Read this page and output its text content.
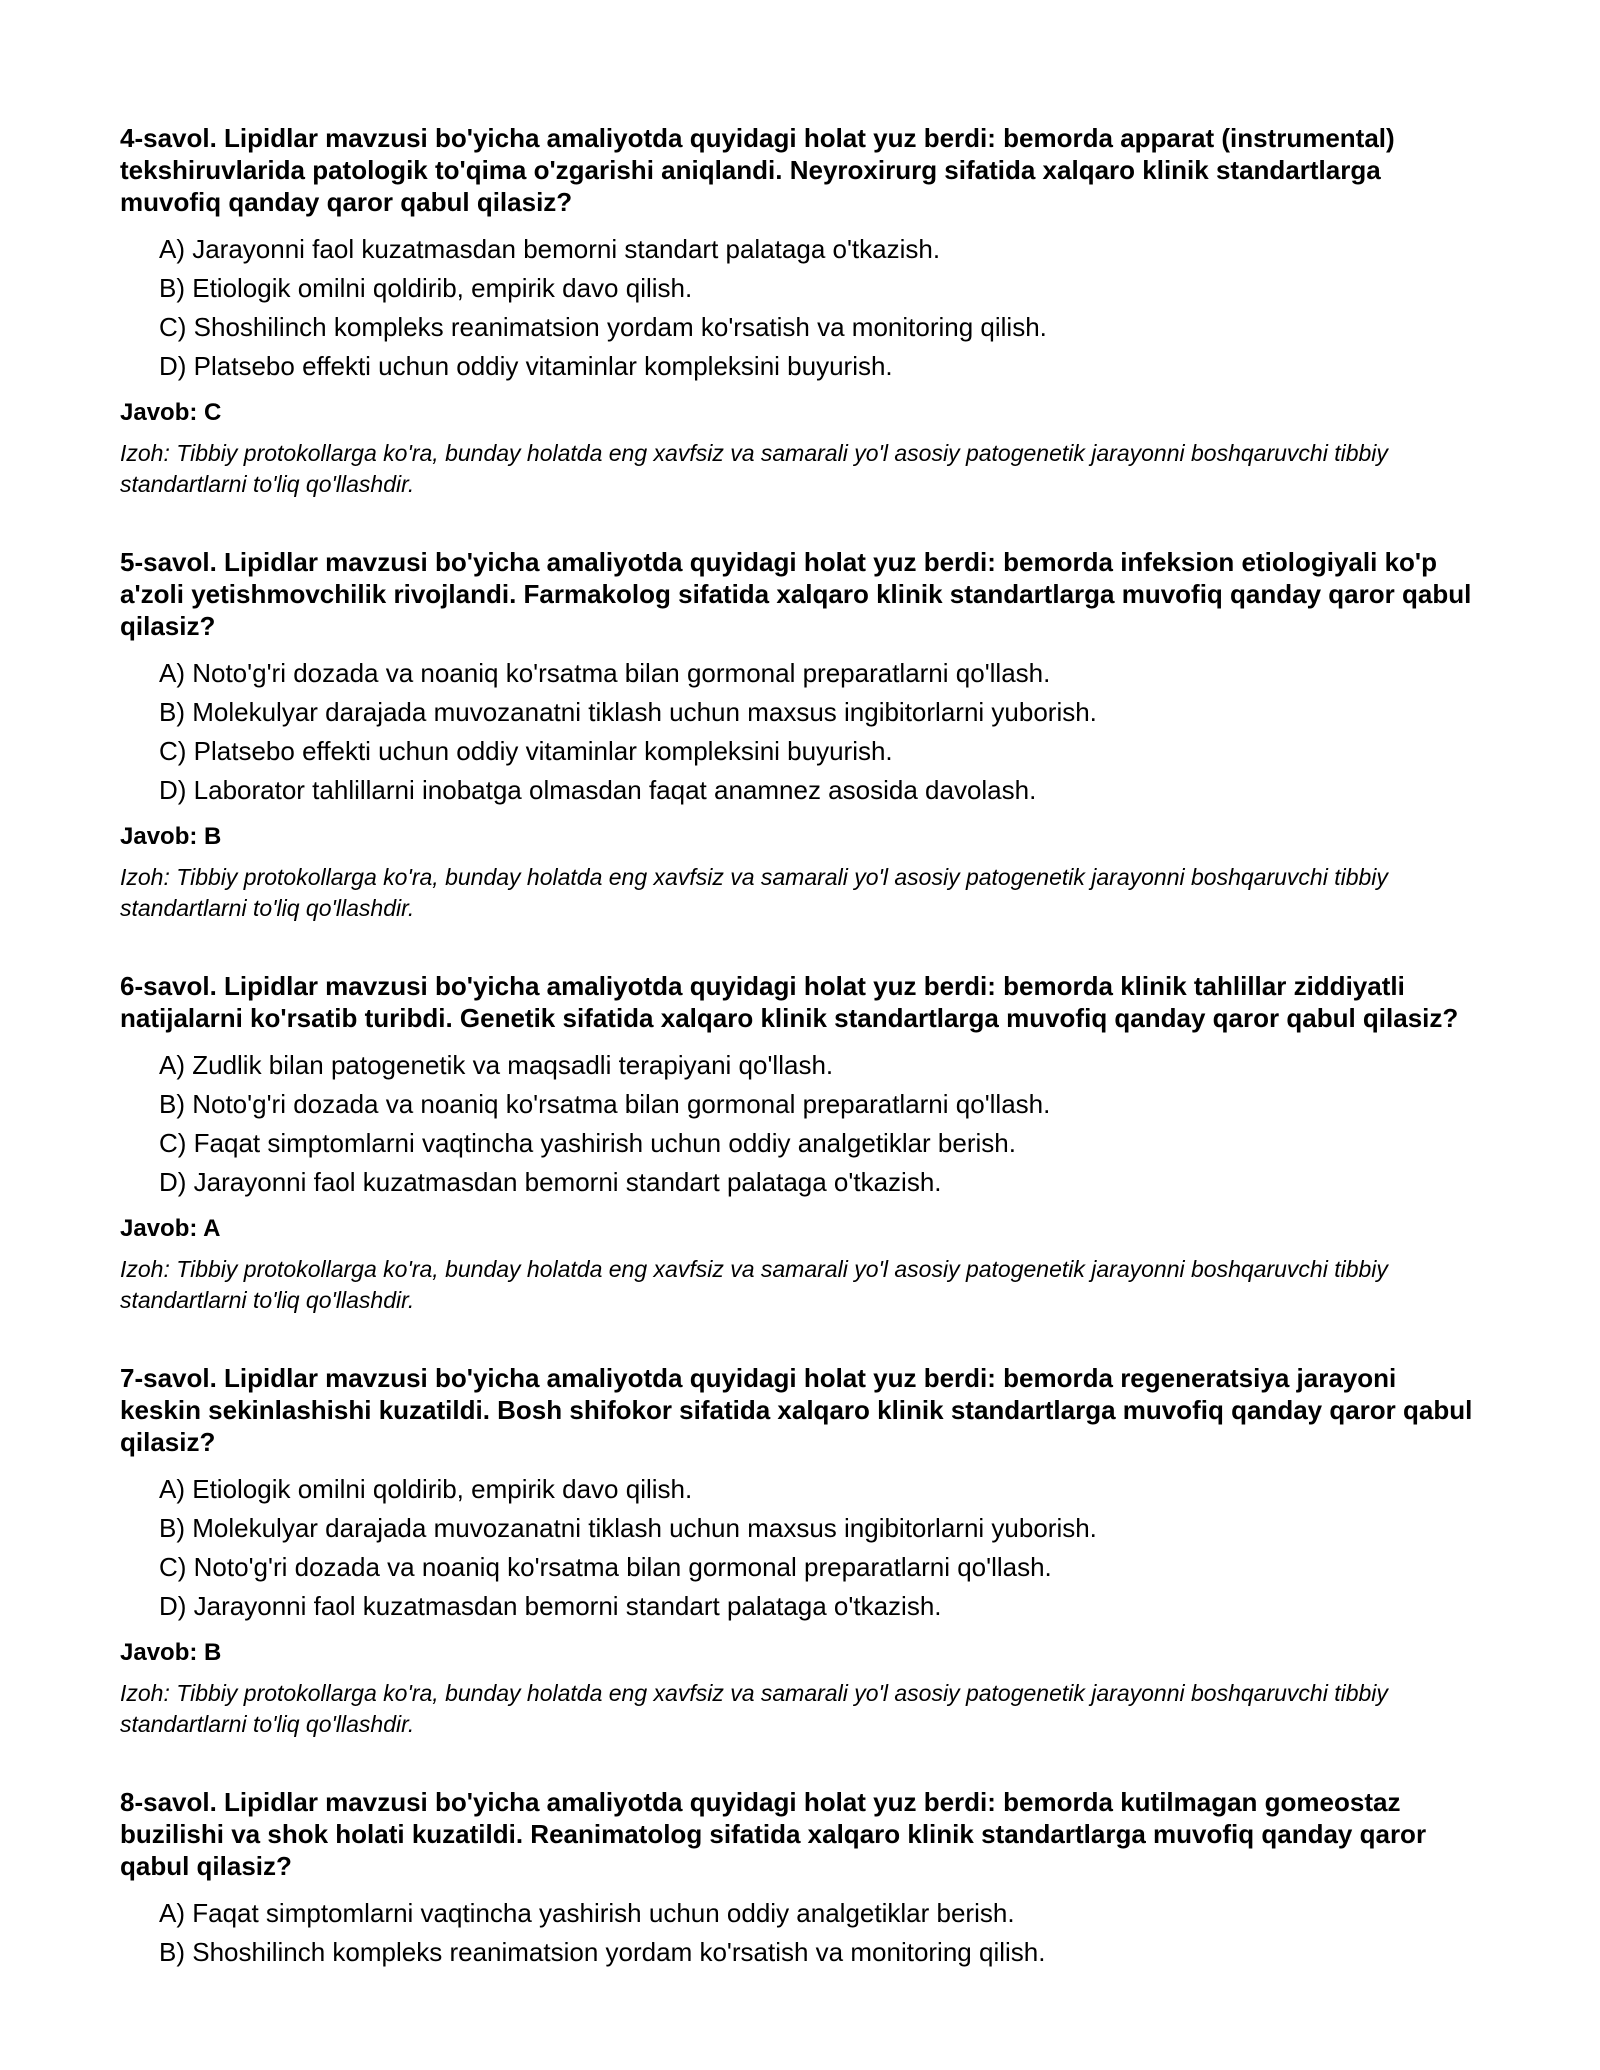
4-savol. Lipidlar mavzusi bo'yicha amaliyotda quyidagi holat yuz berdi: bemorda apparat (instrumental) tekshiruvlarida patologik to'qima o'zgarishi aniqlandi. Neyroxirurg sifatida xalqaro klinik standartlarga muvofiq qanday qaror qabul qilasiz?

A) Jarayonni faol kuzatmasdan bemorni standart palataga o'tkazish.
B) Etiologik omilni qoldirib, empirik davo qilish.
C) Shoshilinch kompleks reanimatsion yordam ko'rsatish va monitoring qilish.
D) Platsebo effekti uchun oddiy vitaminlar kompleksini buyurish.

Javob: C

Izoh: Tibbiy protokollarga ko'ra, bunday holatda eng xavfsiz va samarali yo'l asosiy patogenetik jarayonni boshqaruvchi tibbiy standartlarni to'liq qo'llashdir.

5-savol. Lipidlar mavzusi bo'yicha amaliyotda quyidagi holat yuz berdi: bemorda infeksion etiologiyali ko'p a'zoli yetishmovchilik rivojlandi. Farmakolog sifatida xalqaro klinik standartlarga muvofiq qanday qaror qabul qilasiz?

A) Noto'g'ri dozada va noaniq ko'rsatma bilan gormonal preparatlarni qo'llash.
B) Molekulyar darajada muvozanatni tiklash uchun maxsus ingibitorlarni yuborish.
C) Platsebo effekti uchun oddiy vitaminlar kompleksini buyurish.
D) Laborator tahlillarni inobatga olmasdan faqat anamnez asosida davolash.

Javob: B

Izoh: Tibbiy protokollarga ko'ra, bunday holatda eng xavfsiz va samarali yo'l asosiy patogenetik jarayonni boshqaruvchi tibbiy standartlarni to'liq qo'llashdir.

6-savol. Lipidlar mavzusi bo'yicha amaliyotda quyidagi holat yuz berdi: bemorda klinik tahlillar ziddiyatli natijalarni ko'rsatib turibdi. Genetik sifatida xalqaro klinik standartlarga muvofiq qanday qaror qabul qilasiz?

A) Zudlik bilan patogenetik va maqsadli terapiyani qo'llash.
B) Noto'g'ri dozada va noaniq ko'rsatma bilan gormonal preparatlarni qo'llash.
C) Faqat simptomlarni vaqtincha yashirish uchun oddiy analgetiklar berish.
D) Jarayonni faol kuzatmasdan bemorni standart palataga o'tkazish.

Javob: A

Izoh: Tibbiy protokollarga ko'ra, bunday holatda eng xavfsiz va samarali yo'l asosiy patogenetik jarayonni boshqaruvchi tibbiy standartlarni to'liq qo'llashdir.

7-savol. Lipidlar mavzusi bo'yicha amaliyotda quyidagi holat yuz berdi: bemorda regeneratsiya jarayoni keskin sekinlashishi kuzatildi. Bosh shifokor sifatida xalqaro klinik standartlarga muvofiq qanday qaror qabul qilasiz?

A) Etiologik omilni qoldirib, empirik davo qilish.
B) Molekulyar darajada muvozanatni tiklash uchun maxsus ingibitorlarni yuborish.
C) Noto'g'ri dozada va noaniq ko'rsatma bilan gormonal preparatlarni qo'llash.
D) Jarayonni faol kuzatmasdan bemorni standart palataga o'tkazish.

Javob: B

Izoh: Tibbiy protokollarga ko'ra, bunday holatda eng xavfsiz va samarali yo'l asosiy patogenetik jarayonni boshqaruvchi tibbiy standartlarni to'liq qo'llashdir.

8-savol. Lipidlar mavzusi bo'yicha amaliyotda quyidagi holat yuz berdi: bemorda kutilmagan gomeostaz buzilishi va shok holati kuzatildi. Reanimatolog sifatida xalqaro klinik standartlarga muvofiq qanday qaror qabul qilasiz?

A) Faqat simptomlarni vaqtincha yashirish uchun oddiy analgetiklar berish.
B) Shoshilinch kompleks reanimatsion yordam ko'rsatish va monitoring qilish.
